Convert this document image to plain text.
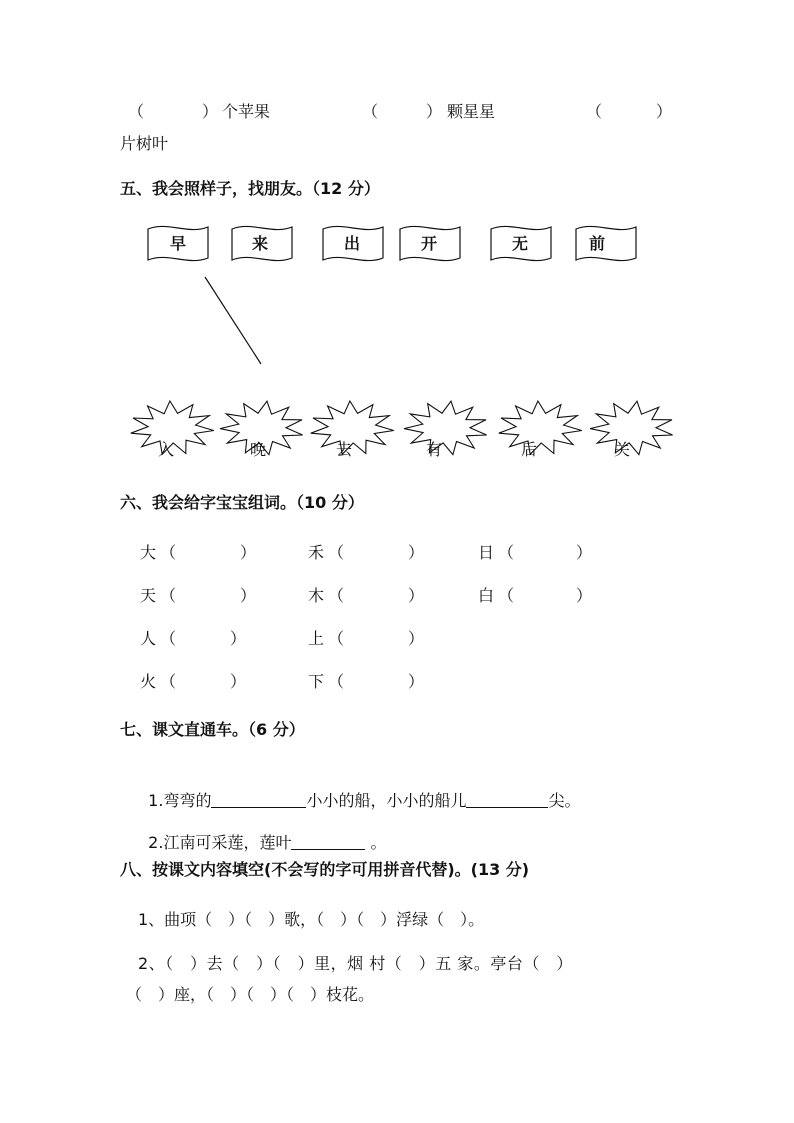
（	） 个苹果	（	） 颗星星	（	）
片树叶
五、我会照样子，找朋友。（12 分）
早	来	出	开	无	前
入	晚	去	有	后	关
六、我会给字宝宝组词。（10 分）
大 （	）	禾 （	）	日 （	）
天 （	）	木 （	）	白 （	）
人 （	）	上 （	）
火 （	）	下 （	）
七、课文直通车。（6 分）

1.弯弯的	小小的船，小小的船儿	尖。

2.江南可采莲，莲叶	。

八、按课文内容填空(不会写的字可用拼音代替)。(13 分)
1、曲项（　）（　）歌，（　）（　）浮绿（　）。
2、（　）去（　）（　）里，烟 村（　）五 家。亭台（　）
（　）座，（　）（　）（　）枝花。
